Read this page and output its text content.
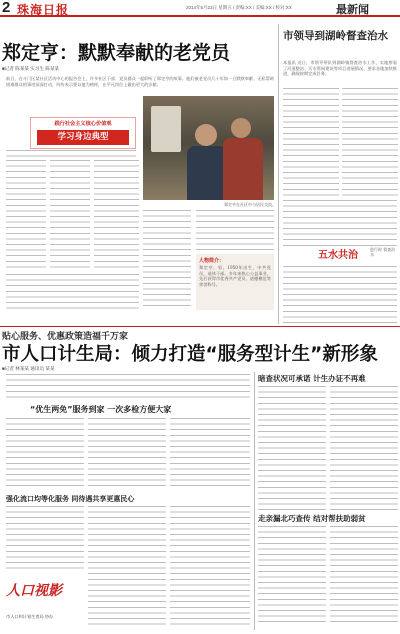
2 珠海日报	2014年5月23日 星期五 / 责编:XX / 美编:XX / 校对:XX	最新闻
郑定亨：默默奉献的老党员
■记者 陈某某 实习生 陈某某
前日，在斗门区某社区活动中心的报告会上，许多社区干部、党员群众一起聆听了郑定亨的故事。他们被老党员几十年如一日默默奉献、无私帮助困难群众的事迹深深打动，纷纷表示要以他为榜样，在平凡岗位上做出更大的贡献。
践行社会主义核心价值观
学习身边典型
郑定亨在社区中与居民交流。
人物简介：
郑定亨，男，1950年出生，中共党员，退休干部。多年来热心公益事业，先后获得市优秀共产党员、道德模范等荣誉称号。
市领导到湖岭督查治水
本报讯 近日，市领导带队到湖岭镇督查治水工作，实地察看了河道整治、污水管网建设等项目进展情况，要求各地加快推进，确保按期完成任务。
五水共治
进行时 督查治水
贴心服务、优惠政策造福千万家
市人口计生局：倾力打造“服务型计生”新形象
■记者 林某某 通讯员 某某
“优生两免”服务到家 一次多检方便大家
强化流口均等化服务 同待遇共享更惠民心
人口视影
市人口和计划生育局 协办
暗查状况可承诺 计生办证不再难
走亲漏北巧查传 结对帮扶助弱贫
